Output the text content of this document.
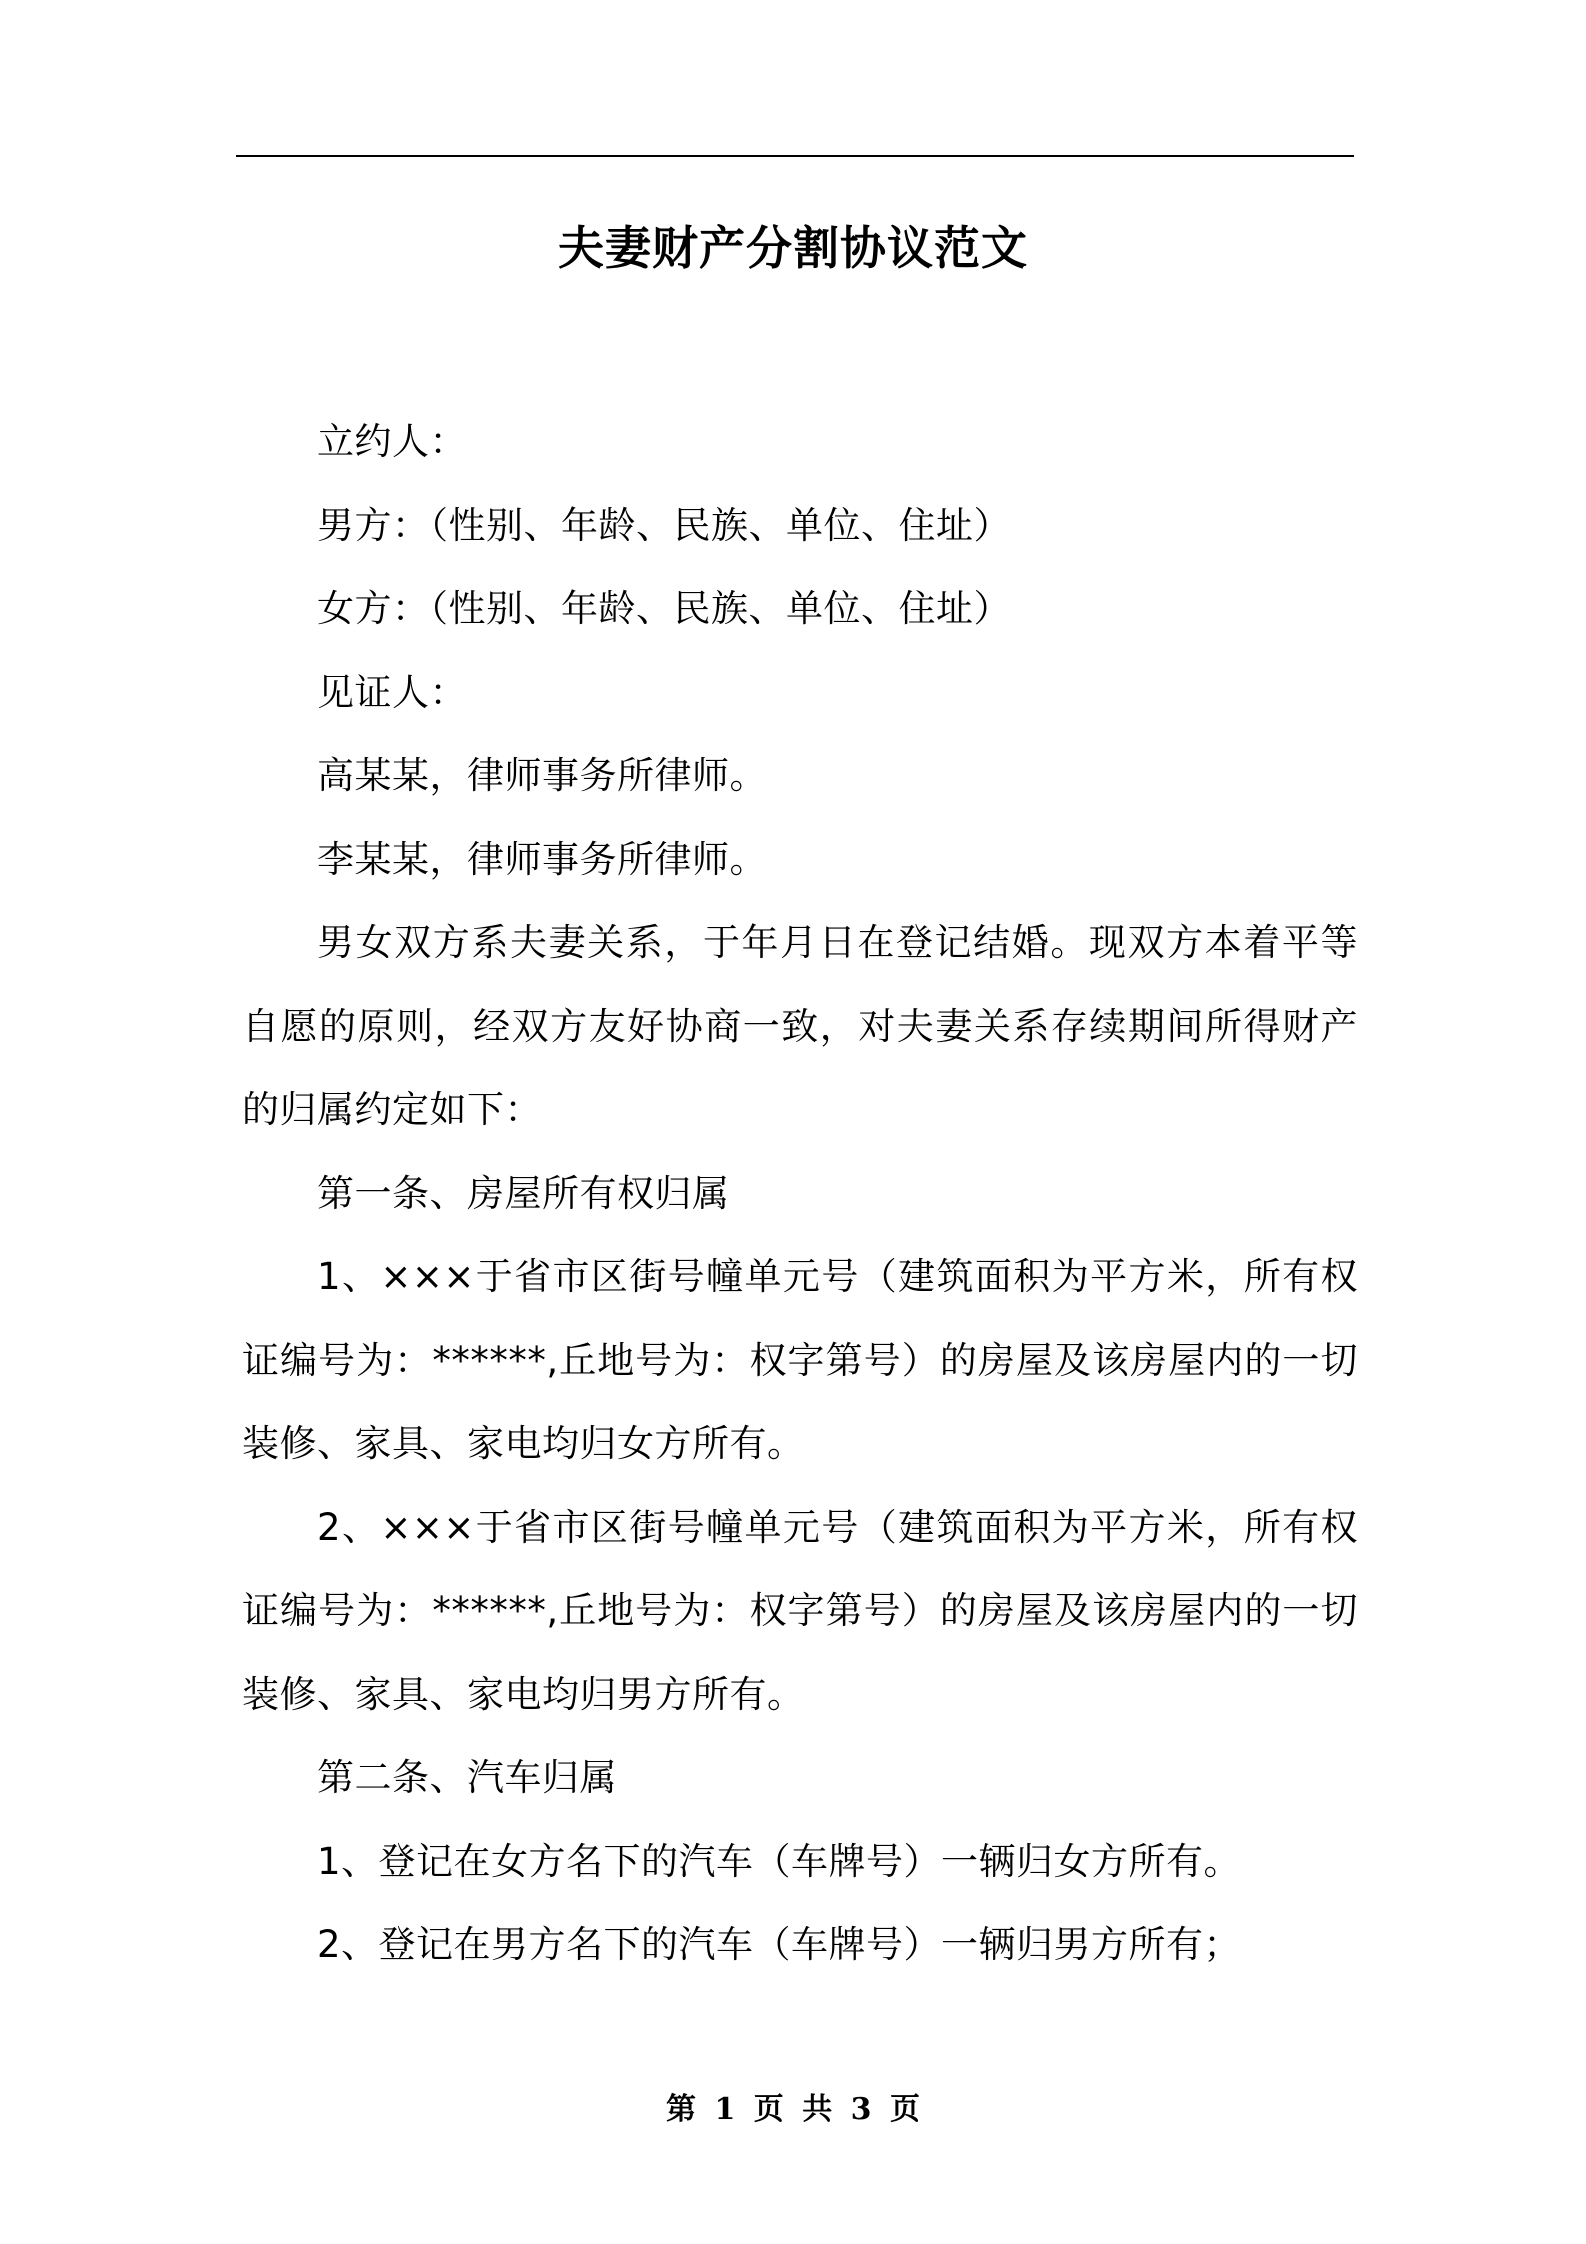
夫妻财产分割协议范文

立约人：

男方：（性别、年龄、民族、单位、住址）

女方：（性别、年龄、民族、单位、住址）

见证人：

高某某，律师事务所律师。

李某某，律师事务所律师。

男女双方系夫妻关系，于年月日在登记结婚。现双方本着平等自愿的原则，经双方友好协商一致，对夫妻关系存续期间所得财产的归属约定如下：

第一条、房屋所有权归属

1、×××于省市区街号幢单元号（建筑面积为平方米，所有权证编号为：******,丘地号为：权字第号）的房屋及该房屋内的一切装修、家具、家电均归女方所有。

2、×××于省市区街号幢单元号（建筑面积为平方米，所有权证编号为：******,丘地号为：权字第号）的房屋及该房屋内的一切装修、家具、家电均归男方所有。

第二条、汽车归属

1、登记在女方名下的汽车（车牌号）一辆归女方所有。

2、登记在男方名下的汽车（车牌号）一辆归男方所有；

第 1 页 共 3 页
